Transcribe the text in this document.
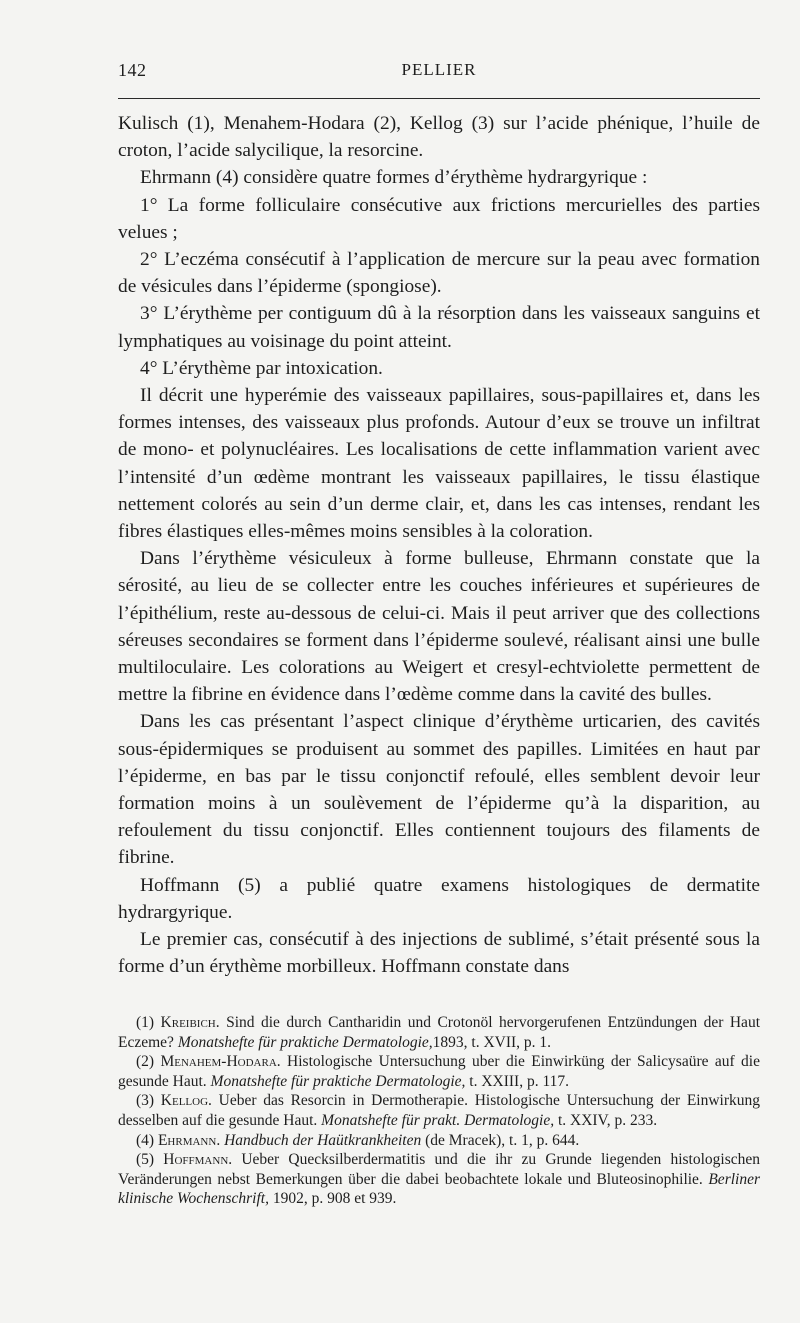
142	PELLIER

Kulisch (1), Menahem-Hodara (2), Kellog (3) sur l’acide phénique, l’huile de croton, l’acide salycilique, la resorcine.

Ehrmann (4) considère quatre formes d’érythème hydrargyrique :

1° La forme folliculaire consécutive aux frictions mercurielles des parties velues ;

2° L’eczéma consécutif à l’application de mercure sur la peau avec formation de vésicules dans l’épiderme (spongiose).

3° L’érythème per contiguum dû à la résorption dans les vaisseaux sanguins et lymphatiques au voisinage du point atteint.

4° L’érythème par intoxication.

Il décrit une hyperémie des vaisseaux papillaires, sous-papillaires et, dans les formes intenses, des vaisseaux plus profonds. Autour d’eux se trouve un infiltrat de mono- et polynucléaires. Les localisations de cette inflammation varient avec l’intensité d’un œdème montrant les vaisseaux papillaires, le tissu élastique nettement colorés au sein d’un derme clair, et, dans les cas intenses, rendant les fibres élastiques elles-mêmes moins sensibles à la coloration.

Dans l’érythème vésiculeux à forme bulleuse, Ehrmann constate que la sérosité, au lieu de se collecter entre les couches inférieures et supérieures de l’épithélium, reste au-dessous de celui-ci. Mais il peut arriver que des collections séreuses secondaires se forment dans l’épiderme soulevé, réalisant ainsi une bulle multiloculaire. Les colorations au Weigert et cresyl-echtviolette permettent de mettre la fibrine en évidence dans l’œdème comme dans la cavité des bulles.

Dans les cas présentant l’aspect clinique d’érythème urticarien, des cavités sous-épidermiques se produisent au sommet des papilles. Limitées en haut par l’épiderme, en bas par le tissu conjonctif refoulé, elles semblent devoir leur formation moins à un soulèvement de l’épiderme qu’à la disparition, au refoulement du tissu conjonctif. Elles contiennent toujours des filaments de fibrine.

Hoffmann (5) a publié quatre examens histologiques de dermatite hydrargyrique.

Le premier cas, consécutif à des injections de sublimé, s’était présenté sous la forme d’un érythème morbilleux. Hoffmann constate dans

(1) Kreibich. Sind die durch Cantharidin und Crotonöl hervorgerufenen Entzündungen der Haut Eczeme? Monatshefte für praktiche Dermatologie,1893, t. XVII, p. 1.

(2) Menahem-Hodara. Histologische Untersuchung uber die Einwirküng der Salicysaüre auf die gesunde Haut. Monatshefte für praktiche Dermatologie, t. XXIII, p. 117.

(3) Kellog. Ueber das Resorcin in Dermotherapie. Histologische Untersuchung der Einwirkung desselben auf die gesunde Haut. Monatshefte für prakt. Dermatologie, t. XXIV, p. 233.

(4) Ehrmann. Handbuch der Haütkrankheiten (de Mracek), t. 1, p. 644.

(5) Hoffmann. Ueber Quecksilberdermatitis und die ihr zu Grunde liegenden histologischen Veränderungen nebst Bemerkungen über die dabei beobachtete lokale und Bluteosinophilie. Berliner klinische Wochenschrift, 1902, p. 908 et 939.
